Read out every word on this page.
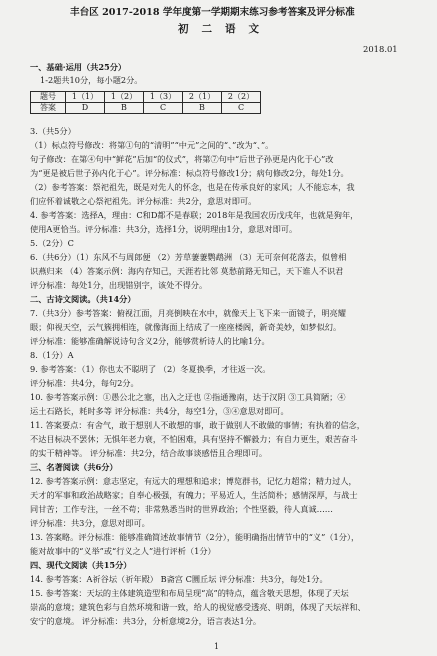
丰台区 2017-2018 学年度第一学期期末练习参考答案及评分标准
初二语文
2018.01
一、基础·运用（共25分）
1-2题共10分，每小题2分。
题号	1（1）	1（2）	1（3）	2（1）	2（2）
答案	D	B	C	B	C
3.（共5分）
（1）标点符号修改：将第①句的“清明”“中元”之间的“、”改为“、”。
句子修改：在第④句中“鲜花”后加“的仪式”，将第⑦句中“后世子孙更是内化于心”改
为“更是被后世子孙内化于心”。评分标准：标点符号修改1分；病句修改2分，每处1分。
（2）参考答案：祭祀祖先，既是对先人的怀念，也是在传承良好的家风；人不能忘本，我
们应怀着诚敬之心祭祀祖先。评分标准：共2分，意思对即可。
4. 参考答案：选择A，理由：C和D都不是春联；2018年是我国农历戊戌年，也就是狗年，
使用A更恰当。评分标准：共3分，选择1分，说明理由1分，意思对即可。
5.（2分）C
6.（共6分）（1）东风不与周郎便 （2）芳草萋萋鹦鹉洲 （3）无可奈何花落去，似曾相
识燕归来 （4）答案示例：海内存知己，天涯若比邻 莫愁前路无知己，天下谁人不识君
评分标准：每处1分，出现错别字，该处不得分。
二、古诗文阅读。（共14分）
7.（共3分）参考答案：俯视江面，月亮倒映在水中，就像天上飞下来一面镜子，明亮耀
眼；仰视天空，云气簇拥相连，就像海面上结成了一座座楼阁，新奇美妙，如梦似幻。
评分标准：能够准确解说诗句含义2分，能够赏析诗人的比喻1分。
8.（1分）A
9. 参考答案：（1）你也太不聪明了 （2）冬夏换季，才往返一次。
评分标准：共4分，每句2分。
10. 参考答案示例：①愚公北之塞，出入之迂也 ②指通豫南，达于汉阴 ③工具简陋；④
运土石路长，耗时多等 评分标准：共4分，每空1分，③④意思对即可。
11. 答案要点：有舍气，敢于想别人不敢想的事，敢于做别人不敢做的事情；有执着的信念，
不达目标决不罢休；无惧年老力衰，不怕困难，具有坚持不懈毅力；有自力更生，艰苦奋斗
的实干精神等。 评分标准：共2分，结合故事谈感悟且合理即可。
三、名著阅读（共6分）
12. 参考答案示例：意志坚定，有远大的理想和追求；博览群书，记忆力超常；精力过人，
天才的军事和政治战略家；自奉心极强，有魄力；平易近人，生活简朴；感情深厚，与战士
同甘苦；工作专注，一丝不苟；非常熟悉当时的世界政治；个性坚毅，待人真诚……
评分标准：共3分，意思对即可。
13. 答案略。评分标准：能够准确简述故事情节（2分），能明确指出情节中的“义”（1分），
能对故事中的“义举”或“行义之人”进行评析（1分）
四、现代文阅读（共15分）
14. 参考答案：A祈谷坛（祈年殿） B斋宫 C圜丘坛 评分标准：共3分，每处1分。
15. 参考答案：天坛的主体建筑造型和布局呈现“高”的特点，蕴含敬天思想，体现了天坛
崇高的意境；建筑色彩与自然环境和谐一致，给人的视觉感受透亮、明朗，体现了天坛祥和、
安宁的意境。 评分标准：共3分，分析意境2分，语言表达1分。
1
